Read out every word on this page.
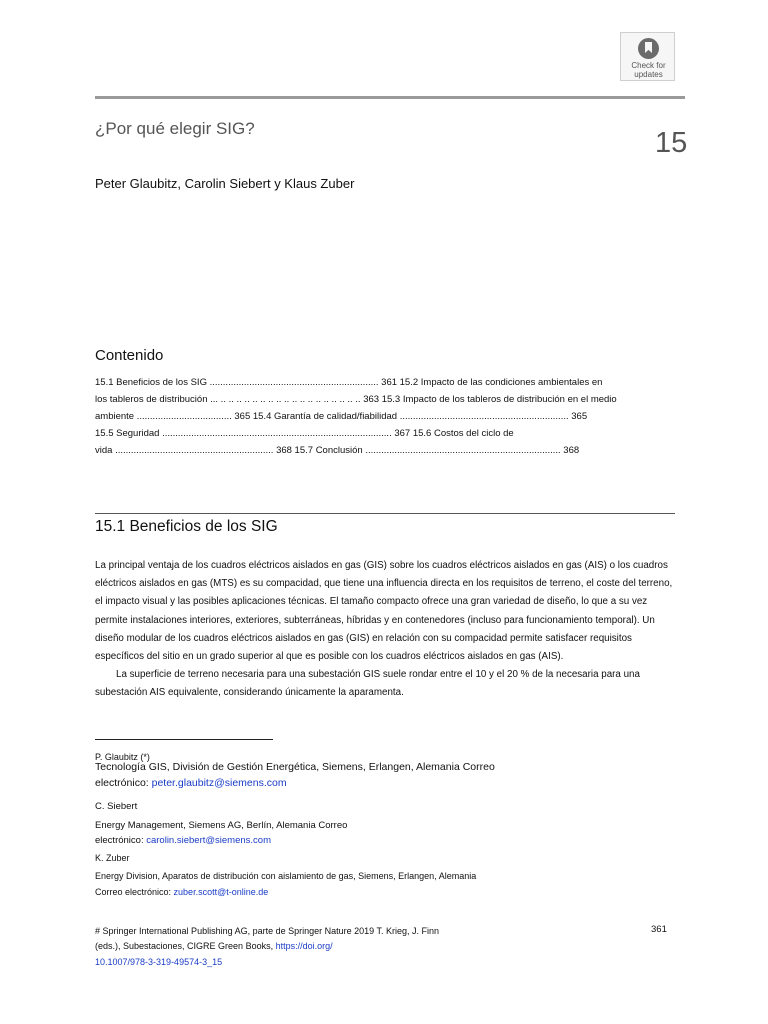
Check for
updates
¿Por qué elegir SIG?	15
Peter Glaubitz, Carolin Siebert y Klaus Zuber
Contenido
15.1 Beneficios de los SIG ................................................................ 361 15.2 Impacto de las condiciones ambientales en
los tableros de distribución ... .. .. .. .. .. .. .. .. .. .. .. .. .. .. .. .. .. .. 363 15.3 Impacto de los tableros de distribución en el medio
ambiente .................................... 365 15.4 Garantía de calidad/fiabilidad ................................................................ 365
15.5 Seguridad ....................................................................................... 367 15.6 Costos del ciclo de
vida ............................................................ 368 15.7 Conclusión .......................................................................... 368
15.1 Beneficios de los SIG

La principal ventaja de los cuadros eléctricos aislados en gas (GIS) sobre los cuadros eléctricos aislados en gas (AIS) o los cuadros eléctricos aislados en gas (MTS) es su compacidad, que tiene una influencia directa en los requisitos de terreno, el coste del terreno, el impacto visual y las posibles aplicaciones técnicas. El tamaño compacto ofrece una gran variedad de diseño, lo que a su vez permite instalaciones interiores, exteriores, subterráneas, híbridas y en contenedores (incluso para funcionamiento temporal). Un diseño modular de los cuadros eléctricos aislados en gas (GIS) en relación con su compacidad permite satisfacer requisitos específicos del sitio en un grado superior al que es posible con los cuadros eléctricos aislados en gas (AIS).

La superficie de terreno necesaria para una subestación GIS suele rondar entre el 10 y el 20 % de la necesaria para una subestación AIS equivalente, considerando únicamente la aparamenta.

P. Glaubitz (*)
Tecnología GIS, División de Gestión Energética, Siemens, Erlangen, Alemania Correo
electrónico: peter.glaubitz@siemens.com
C. Siebert
Energy Management, Siemens AG, Berlín, Alemania Correo
electrónico: carolin.siebert@siemens.com
K. Zuber
Energy Division, Aparatos de distribución con aislamiento de gas, Siemens, Erlangen, Alemania
Correo electrónico: zuber.scott@t-online.de
# Springer International Publishing AG, parte de Springer Nature 2019 T. Krieg, J. Finn
(eds.), Subestaciones, CIGRE Green Books, https://doi.org/
10.1007/978-3-319-49574-3_15
361
